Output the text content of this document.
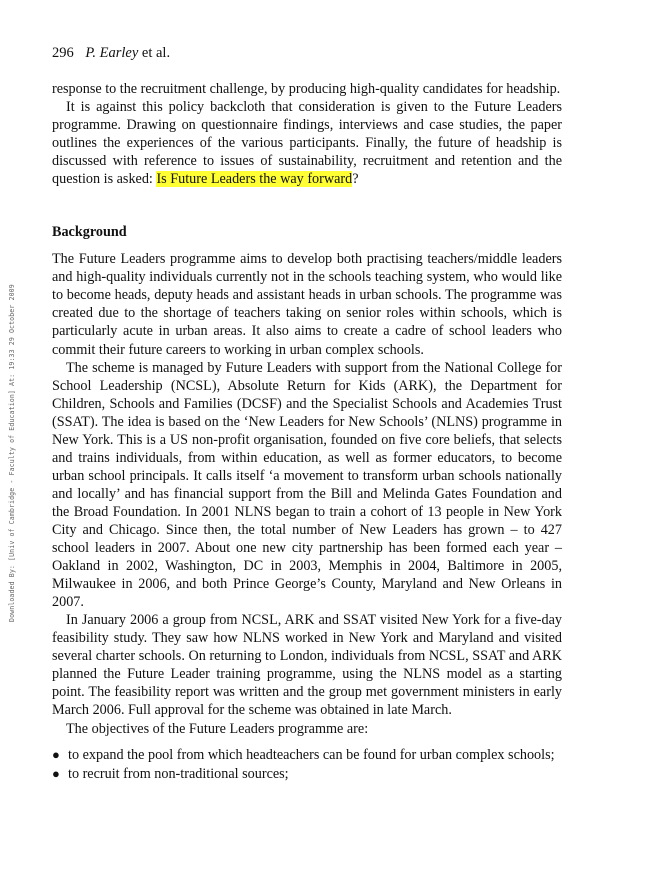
Downloaded By: [Univ of Cambridge - Faculty of Education] At: 19:33 29 October 2009
296 P. Earley et al.

response to the recruitment challenge, by producing high-quality candidates for headship.

It is against this policy backcloth that consideration is given to the Future Leaders programme. Drawing on questionnaire findings, interviews and case studies, the paper outlines the experiences of the various participants. Finally, the future of headship is discussed with reference to issues of sustainability, recruitment and retention and the question is asked: Is Future Leaders the way forward?

Background

The Future Leaders programme aims to develop both practising teachers/middle leaders and high-quality individuals currently not in the schools teaching system, who would like to become heads, deputy heads and assistant heads in urban schools. The programme was created due to the shortage of teachers taking on senior roles within schools, which is particularly acute in urban areas. It also aims to create a cadre of school leaders who commit their future careers to working in urban complex schools.

The scheme is managed by Future Leaders with support from the National College for School Leadership (NCSL), Absolute Return for Kids (ARK), the Department for Children, Schools and Families (DCSF) and the Specialist Schools and Academies Trust (SSAT). The idea is based on the ‘New Leaders for New Schools’ (NLNS) programme in New York. This is a US non-profit organisation, founded on five core beliefs, that selects and trains individuals, from within education, as well as former educators, to become urban school principals. It calls itself ‘a movement to transform urban schools nationally and locally’ and has financial support from the Bill and Melinda Gates Foundation and the Broad Foundation. In 2001 NLNS began to train a cohort of 13 people in New York City and Chicago. Since then, the total number of New Leaders has grown – to 427 school leaders in 2007. About one new city partnership has been formed each year – Oakland in 2002, Washington, DC in 2003, Memphis in 2004, Baltimore in 2005, Milwaukee in 2006, and both Prince George’s County, Maryland and New Orleans in 2007.

In January 2006 a group from NCSL, ARK and SSAT visited New York for a five-day feasibility study. They saw how NLNS worked in New York and Maryland and visited several charter schools. On returning to London, individuals from NCSL, SSAT and ARK planned the Future Leader training programme, using the NLNS model as a starting point. The feasibility report was written and the group met government ministers in early March 2006. Full approval for the scheme was obtained in late March.

The objectives of the Future Leaders programme are:

● to expand the pool from which headteachers can be found for urban complex schools;
● to recruit from non-traditional sources;
